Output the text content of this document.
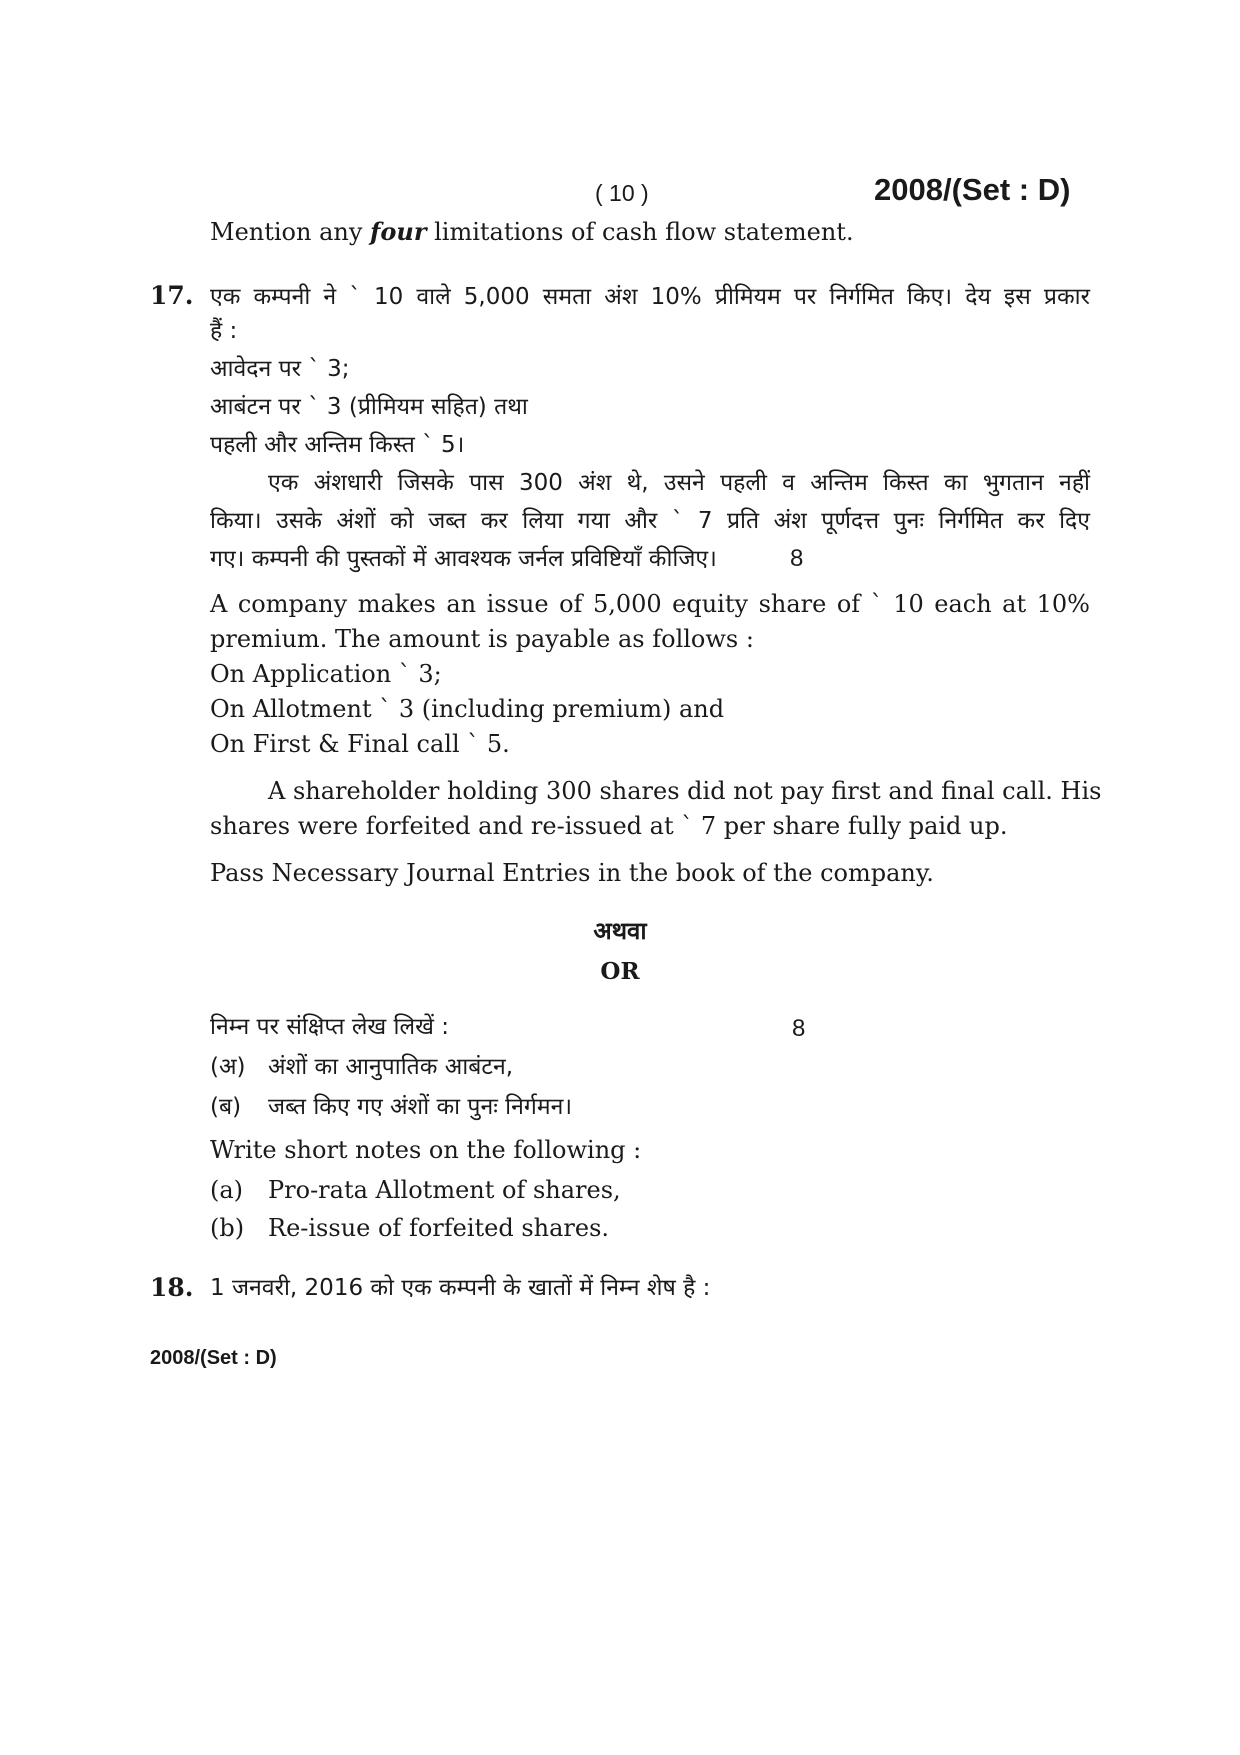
( 10 )	2008/(Set : D)
Mention any four limitations of cash flow statement.
17. एक कम्पनी ने ` 10 वाले 5,000 समता अंश 10% प्रीमियम पर निर्गमित किए। देय इस प्रकार
हैं :
आवेदन पर ` 3;
आबंटन पर ` 3 (प्रीमियम सहित) तथा
पहली और अन्तिम किस्त ` 5।
एक अंशधारी जिसके पास 300 अंश थे, उसने पहली व अन्तिम किस्त का भुगतान नहीं
किया। उसके अंशों को जब्त कर लिया गया और ` 7 प्रति अंश पूर्णदत्त पुनः निर्गमित कर दिए
गए। कम्पनी की पुस्तकों में आवश्यक जर्नल प्रविष्टियाँ कीजिए।	8
A company makes an issue of 5,000 equity share of ` 10 each at 10%
premium. The amount is payable as follows :
On Application ` 3;
On Allotment ` 3 (including premium) and
On First & Final call ` 5.
A shareholder holding 300 shares did not pay first and final call. His
shares were forfeited and re-issued at ` 7 per share fully paid up.
Pass Necessary Journal Entries in the book of the company.
अथवा
OR
निम्न पर संक्षिप्त लेख लिखें :	8
(अ) अंशों का आनुपातिक आबंटन,
(ब) जब्त किए गए अंशों का पुनः निर्गमन।
Write short notes on the following :
(a) Pro-rata Allotment of shares,
(b) Re-issue of forfeited shares.
18. 1 जनवरी, 2016 को एक कम्पनी के खातों में निम्न शेष है :
2008/(Set : D)
